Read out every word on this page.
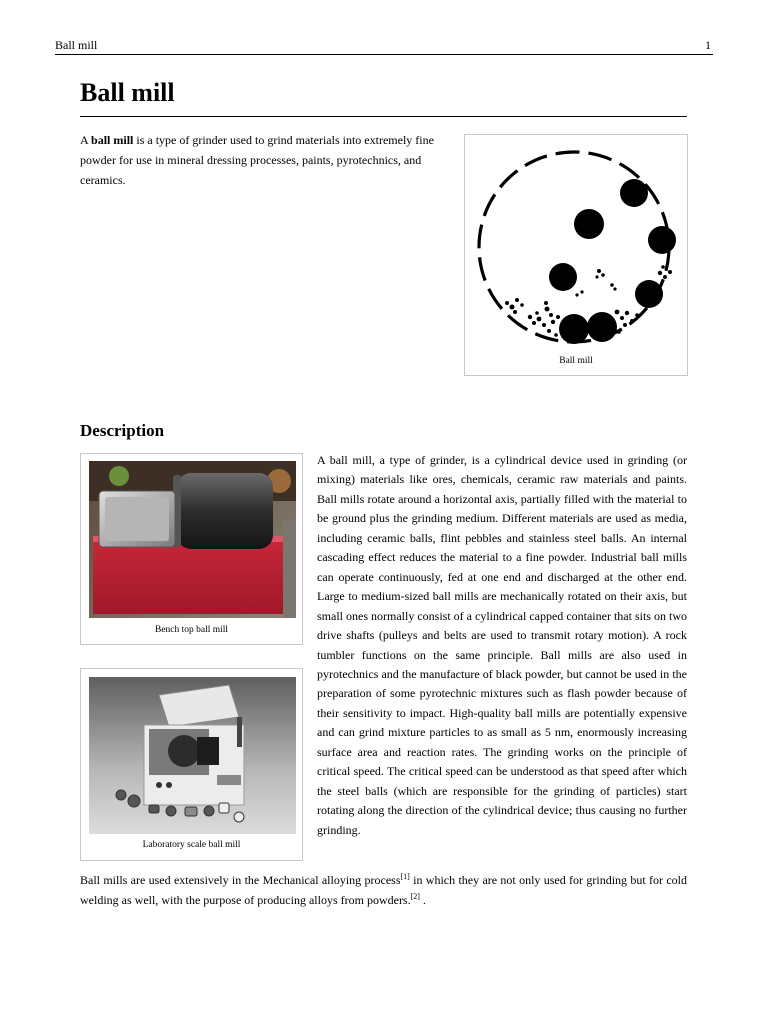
Ball mill	1
Ball mill

A ball mill is a type of grinder used to grind materials into extremely fine powder for use in mineral dressing processes, paints, pyrotechnics, and ceramics.

Ball mill
Description
Bench top ball mill
Laboratory scale ball mill

A ball mill, a type of grinder, is a cylindrical device used in grinding (or mixing) materials like ores, chemicals, ceramic raw materials and paints. Ball mills rotate around a horizontal axis, partially filled with the material to be ground plus the grinding medium. Different materials are used as media, including ceramic balls, flint pebbles and stainless steel balls. An internal cascading effect reduces the material to a fine powder. Industrial ball mills can operate continuously, fed at one end and discharged at the other end. Large to medium-sized ball mills are mechanically rotated on their axis, but small ones normally consist of a cylindrical capped container that sits on two drive shafts (pulleys and belts are used to transmit rotary motion). A rock tumbler functions on the same principle. Ball mills are also used in pyrotechnics and the manufacture of black powder, but cannot be used in the preparation of some pyrotechnic mixtures such as flash powder because of their sensitivity to impact. High-quality ball mills are potentially expensive and can grind mixture particles to as small as 5 nm, enormously increasing surface area and reaction rates. The grinding works on the principle of critical speed. The critical speed can be understood as that speed after which the steel balls (which are responsible for the grinding of particles) start rotating along the direction of the cylindrical device; thus causing no further grinding.

Ball mills are used extensively in the Mechanical alloying process[1] in which they are not only used for grinding but for cold welding as well, with the purpose of producing alloys from powders.[2] .
